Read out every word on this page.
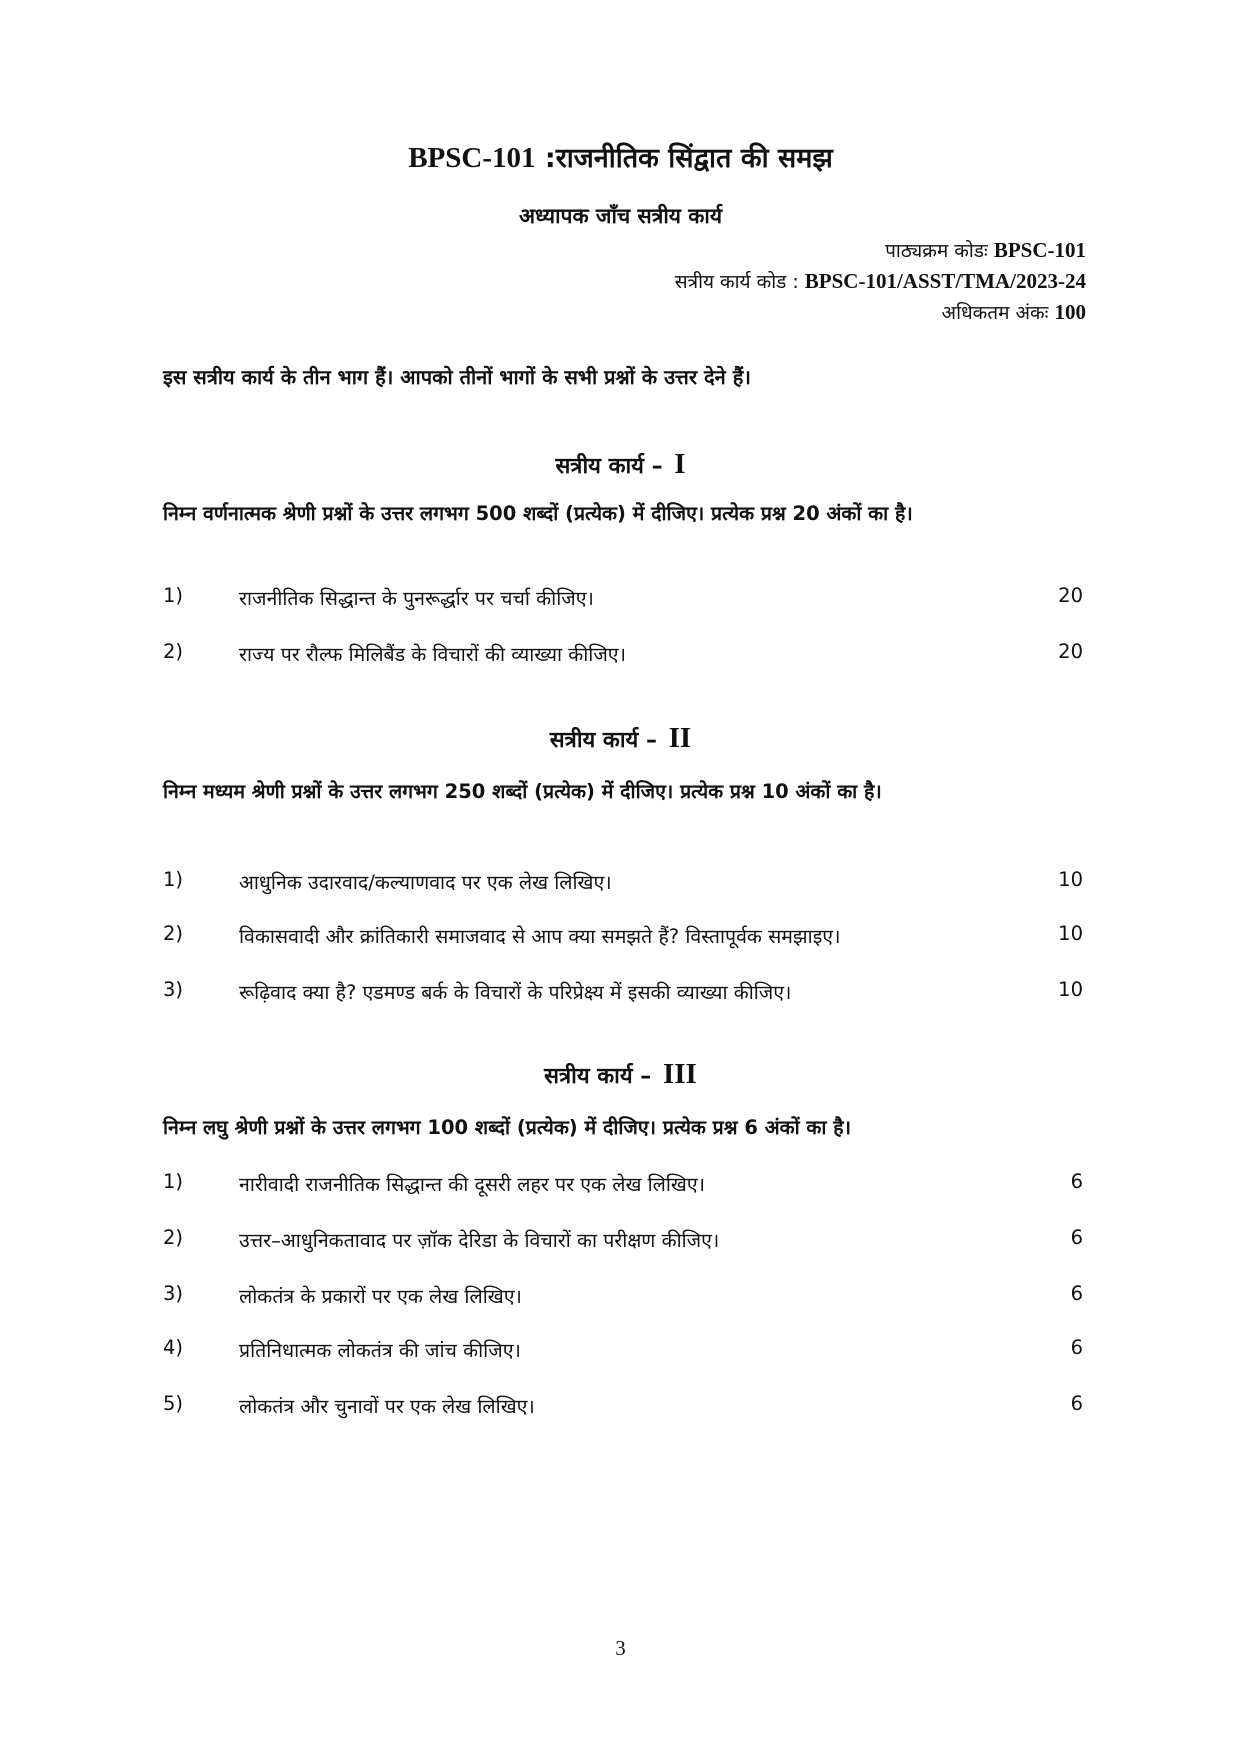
BPSC-101 :राजनीतिक सिंद्वात की समझ
अध्यापक जाँच सत्रीय कार्य
पाठ्यक्रम कोडः BPSC-101
सत्रीय कार्य कोड : BPSC-101/ASST/TMA/2023-24
अधिकतम अंकः 100
इस सत्रीय कार्य के तीन भाग हैं। आपको तीनों भागों के सभी प्रश्नों के उत्तर देने हैं।
सत्रीय कार्य – I
निम्न वर्णनात्मक श्रेणी प्रश्नों के उत्तर लगभग 500 शब्दों (प्रत्येक) में दीजिए। प्रत्येक प्रश्न 20 अंकों का है।
1)	राजनीतिक सिद्धान्त के पुनरूर्द्धार पर चर्चा कीजिए।	20
2)	राज्य पर रौल्फ मिलिबैंड के विचारों की व्याख्या कीजिए।	20
सत्रीय कार्य – II
निम्न मध्यम श्रेणी प्रश्नों के उत्तर लगभग 250 शब्दों (प्रत्येक) में दीजिए। प्रत्येक प्रश्न 10 अंकों का है।
1)	आधुनिक उदारवाद/कल्याणवाद पर एक लेख लिखिए।	10
2)	विकासवादी और क्रांतिकारी समाजवाद से आप क्या समझते हैं? विस्तापूर्वक समझाइए।	10
3)	रूढ़िवाद क्या है? एडमण्ड बर्क के विचारों के परिप्रेक्ष्य में इसकी व्याख्या कीजिए।	10
सत्रीय कार्य – III
निम्न लघु श्रेणी प्रश्नों के उत्तर लगभग 100 शब्दों (प्रत्येक) में दीजिए। प्रत्येक प्रश्न 6 अंकों का है।
1)	नारीवादी राजनीतिक सिद्धान्त की दूसरी लहर पर एक लेख लिखिए।	6
2)	उत्तर–आधुनिकतावाद पर ज़ॉक देरिडा के विचारों का परीक्षण कीजिए।	6
3)	लोकतंत्र के प्रकारों पर एक लेख लिखिए।	6
4)	प्रतिनिधात्मक लोकतंत्र की जांच कीजिए।	6
5)	लोकतंत्र और चुनावों पर एक लेख लिखिए।	6
3
